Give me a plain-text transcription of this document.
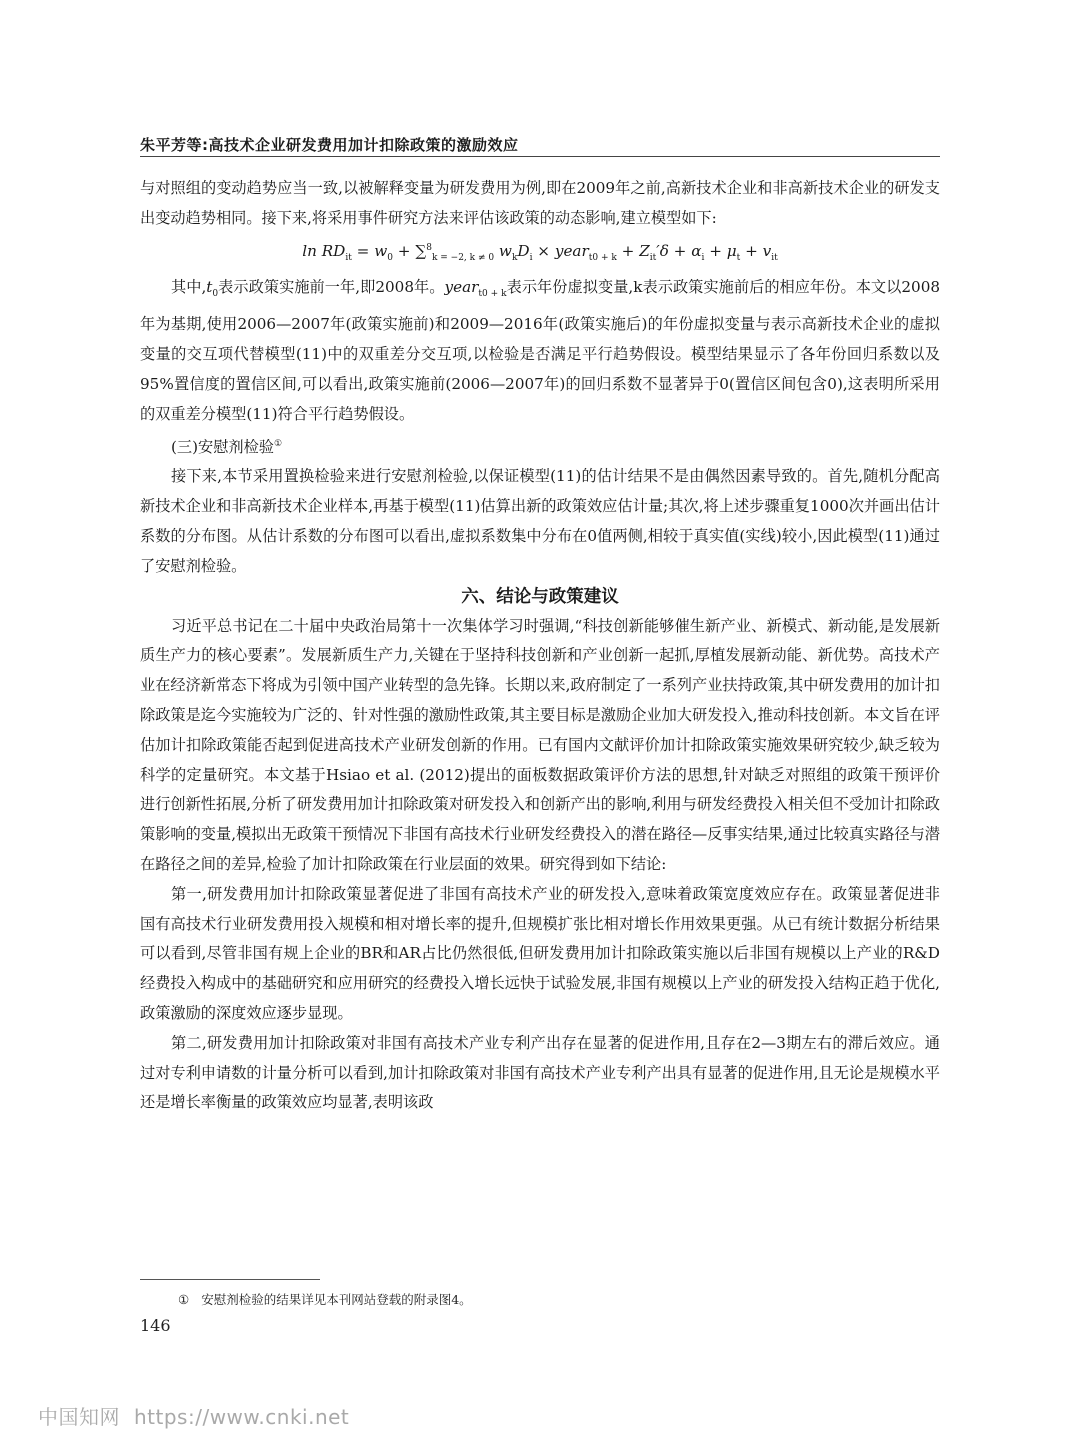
朱平芳等:高技术企业研发费用加计扣除政策的激励效应

与对照组的变动趋势应当一致,以被解释变量为研发费用为例,即在2009年之前,高新技术企业和非高新技术企业的研发支出变动趋势相同。接下来,将采用事件研究方法来评估该政策的动态影响,建立模型如下:

$\ln RD_{it} = w_0 + \sum^8_{k = -2, k \ne 0}$ $w_kD_i$ × year$_{t0 + k}$ + $Z_{it}'\delta + \alpha_i + \mu_t + v_{it}$

其中$,t_0$表示政策实施前一年,即2008年。year$_{t0 + k}$表示年份虚拟变量,k表示政策实施前后的相应年份。本文以2008年为基期,使用2006—2007年(政策实施前)和2009—2016年(政策实施后)的年份虚拟变量与表示高新技术企业的虚拟变量的交互项代替模型(11)中的双重差分交互项,以检验是否满足平行趋势假设。模型结果显示了各年份回归系数以及95%置信度的置信区间,可以看出,政策实施前(2006—2007年)的回归系数不显著异于0(置信区间包含0),这表明所采用的双重差分模型(11)符合平行趋势假设。

(三)安慰剂检验①

接下来,本节采用置换检验来进行安慰剂检验,以保证模型(11)的估计结果不是由偶然因素导致的。首先,随机分配高新技术企业和非高新技术企业样本,再基于模型(11)估算出新的政策效应估计量;其次,将上述步骤重复1000次并画出估计系数的分布图。从估计系数的分布图可以看出,虚拟系数集中分布在0值两侧,相较于真实值(实线)较小,因此模型(11)通过了安慰剂检验。

六、结论与政策建议

习近平总书记在二十届中央政治局第十一次集体学习时强调,“科技创新能够催生新产业、新模式、新动能,是发展新质生产力的核心要素”。发展新质生产力,关键在于坚持科技创新和产业创新一起抓,厚植发展新动能、新优势。高技术产业在经济新常态下将成为引领中国产业转型的急先锋。长期以来,政府制定了一系列产业扶持政策,其中研发费用的加计扣除政策是迄今实施较为广泛的、针对性强的激励性政策,其主要目标是激励企业加大研发投入,推动科技创新。本文旨在评估加计扣除政策能否起到促进高技术产业研发创新的作用。已有国内文献评价加计扣除政策实施效果研究较少,缺乏较为科学的定量研究。本文基于Hsiao et al. (2012)提出的面板数据政策评价方法的思想,针对缺乏对照组的政策干预评价进行创新性拓展,分析了研发费用加计扣除政策对研发投入和创新产出的影响,利用与研发经费投入相关但不受加计扣除政策影响的变量,模拟出无政策干预情况下非国有高技术行业研发经费投入的潜在路径—反事实结果,通过比较真实路径与潜在路径之间的差异,检验了加计扣除政策在行业层面的效果。研究得到如下结论:

第一,研发费用加计扣除政策显著促进了非国有高技术产业的研发投入,意味着政策宽度效应存在。政策显著促进非国有高技术行业研发费用投入规模和相对增长率的提升,但规模扩张比相对增长作用效果更强。从已有统计数据分析结果可以看到,尽管非国有规上企业的BR和AR占比仍然很低,但研发费用加计扣除政策实施以后非国有规模以上产业的R&D经费投入构成中的基础研究和应用研究的经费投入增长远快于试验发展,非国有规模以上产业的研发投入结构正趋于优化,政策激励的深度效应逐步显现。

第二,研发费用加计扣除政策对非国有高技术产业专利产出存在显著的促进作用,且存在2—3期左右的滞后效应。通过对专利申请数的计量分析可以看到,加计扣除政策对非国有高技术产业专利产出具有显著的促进作用,且无论是规模水平还是增长率衡量的政策效应均显著,表明该政

① 安慰剂检验的结果详见本刊网站登载的附录图4。
146
中国知网 https://www.cnki.net
